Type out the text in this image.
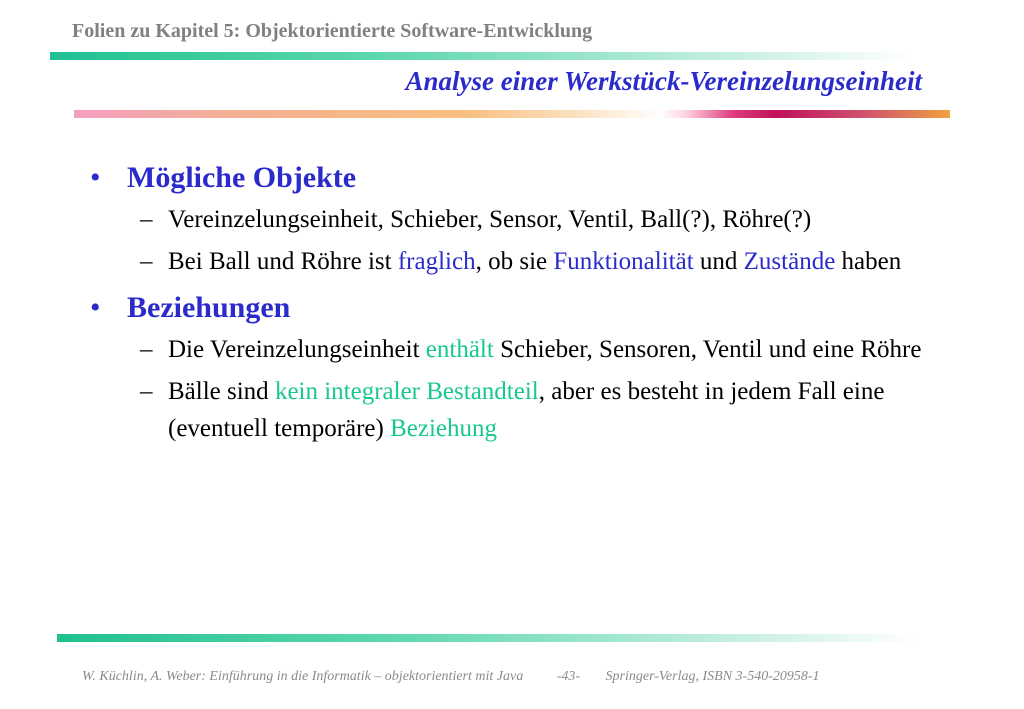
Folien zu Kapitel 5: Objektorientierte Software-Entwicklung
Analyse einer Werkstück-Vereinzelungseinheit
• Mögliche Objekte
– Vereinzelungseinheit, Schieber, Sensor, Ventil, Ball(?), Röhre(?)
– Bei Ball und Röhre ist fraglich, ob sie Funktionalität und Zustände haben
• Beziehungen
– Die Vereinzelungseinheit enthält Schieber, Sensoren, Ventil und eine Röhre
– Bälle sind kein integraler Bestandteil, aber es besteht in jedem Fall eine (eventuell temporäre) Beziehung
W. Küchlin, A. Weber: Einführung in die Informatik – objektorientiert mit Java -43- Springer-Verlag, ISBN 3-540-20958-1
